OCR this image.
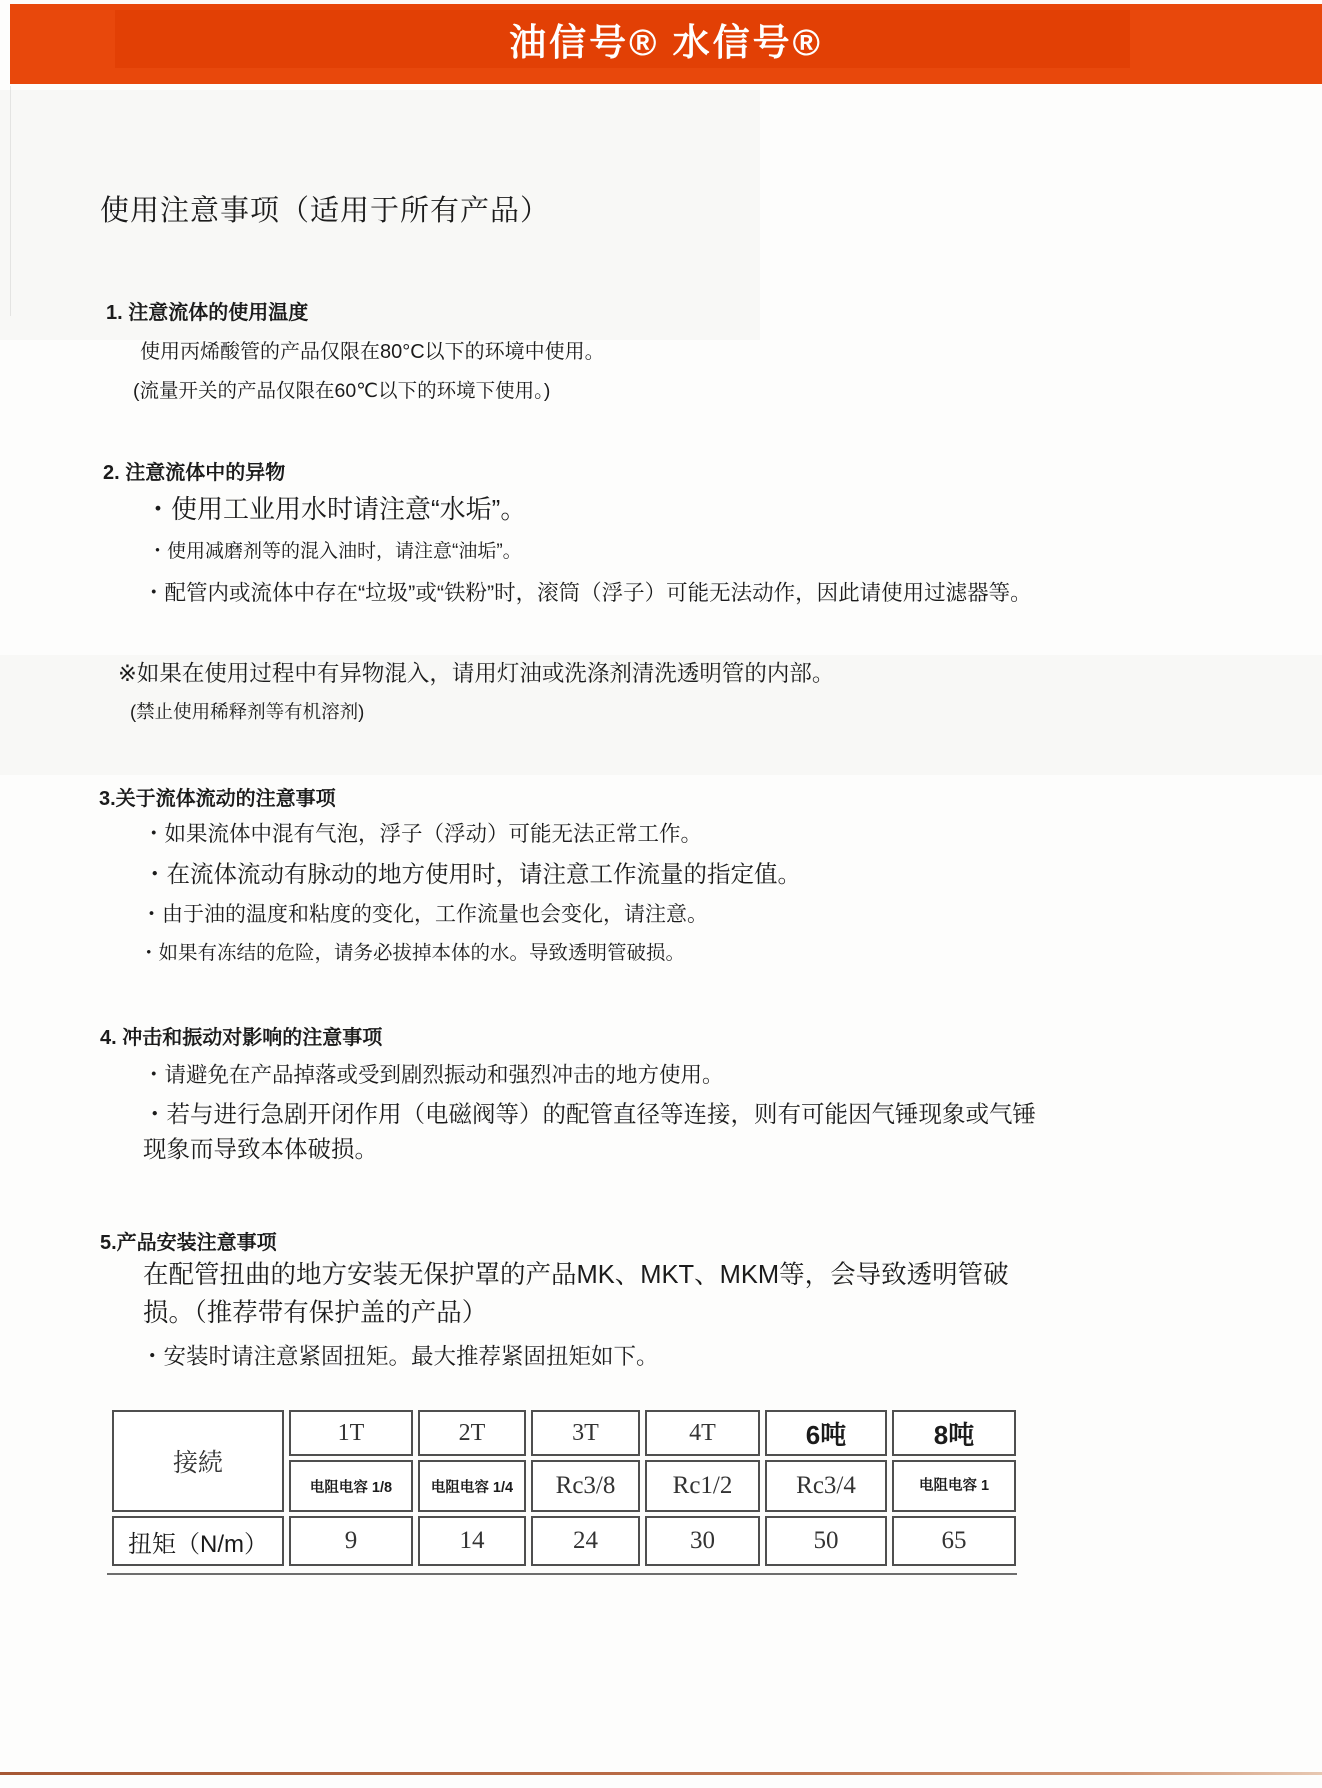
油信号® 水信号®
使用注意事项（适用于所有产品）

1. 注意流体的使用温度

使用丙烯酸管的产品仅限在80°C以下的环境中使用。

(流量开关的产品仅限在60℃以下的环境下使用。)

2. 注意流体中的异物

・使用工业用水时请注意“水垢”。

・使用减磨剂等的混入油时，请注意“油垢”。

・配管内或流体中存在“垃圾”或“铁粉”时，滚筒（浮子）可能无法动作，因此请使用过滤器等。

※如果在使用过程中有异物混入，请用灯油或洗涤剂清洗透明管的内部。

(禁止使用稀释剂等有机溶剂)

3.关于流体流动的注意事项

・如果流体中混有气泡，浮子（浮动）可能无法正常工作。

・在流体流动有脉动的地方使用时，请注意工作流量的指定值。

・由于油的温度和粘度的变化，工作流量也会变化，请注意。

・如果有冻结的危险，请务必拔掉本体的水。导致透明管破损。

4. 冲击和振动对影响的注意事项

・请避免在产品掉落或受到剧烈振动和强烈冲击的地方使用。

・若与进行急剧开闭作用（电磁阀等）的配管直径等连接，则有可能因气锤现象或气锤现象而导致本体破损。

5.产品安装注意事项

在配管扭曲的地方安装无保护罩的产品MK、MKT、MKM等，会导致透明管破损。（推荐带有保护盖的产品）

・安装时请注意紧固扭矩。最大推荐紧固扭矩如下。

接続	1T	2T	3T	4T	6吨	8吨
	电阻电容 1/8	电阻电容 1/4	Rc3/8	Rc1/2	Rc3/4	电阻电容 1
扭矩（N/m）	9	14	24	30	50	65
